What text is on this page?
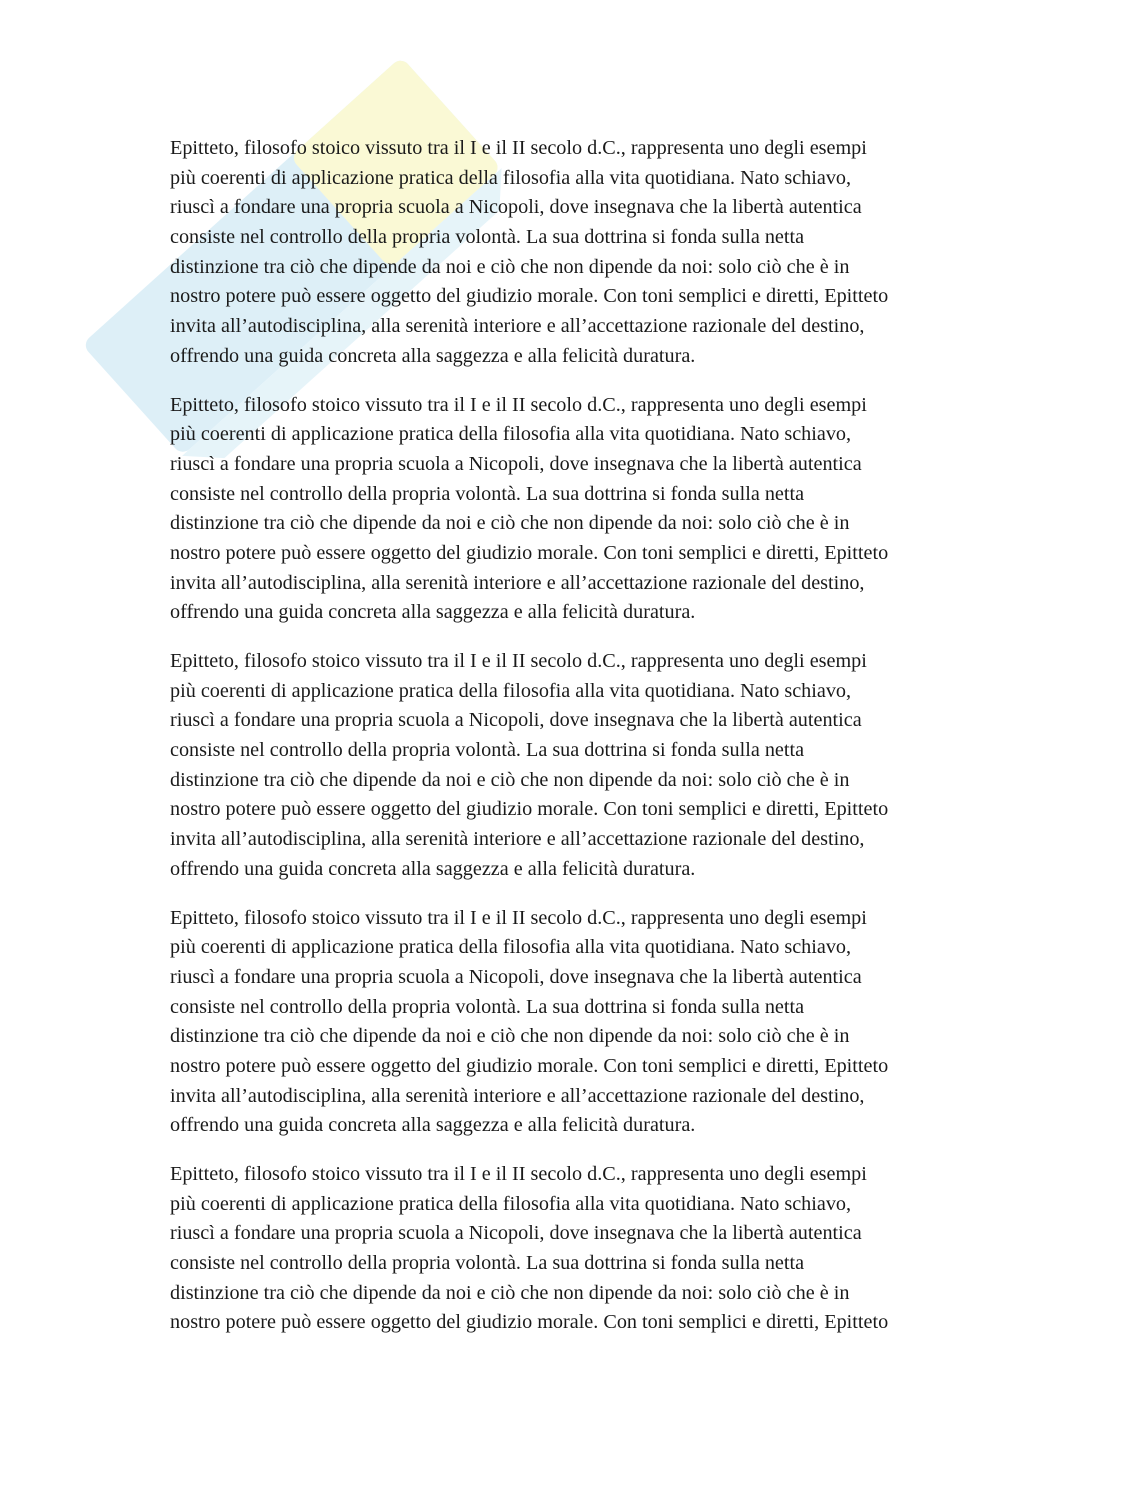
Epitteto, filosofo stoico vissuto tra il I e il II secolo d.C., rappresenta uno degli esempi
più coerenti di applicazione pratica della filosofia alla vita quotidiana. Nato schiavo,
riuscì a fondare una propria scuola a Nicopoli, dove insegnava che la libertà autentica
consiste nel controllo della propria volontà. La sua dottrina si fonda sulla netta
distinzione tra ciò che dipende da noi e ciò che non dipende da noi: solo ciò che è in
nostro potere può essere oggetto del giudizio morale. Con toni semplici e diretti, Epitteto
invita all’autodisciplina, alla serenità interiore e all’accettazione razionale del destino,
offrendo una guida concreta alla saggezza e alla felicità duratura.
Epitteto, filosofo stoico vissuto tra il I e il II secolo d.C., rappresenta uno degli esempi
più coerenti di applicazione pratica della filosofia alla vita quotidiana. Nato schiavo,
riuscì a fondare una propria scuola a Nicopoli, dove insegnava che la libertà autentica
consiste nel controllo della propria volontà. La sua dottrina si fonda sulla netta
distinzione tra ciò che dipende da noi e ciò che non dipende da noi: solo ciò che è in
nostro potere può essere oggetto del giudizio morale. Con toni semplici e diretti, Epitteto
invita all’autodisciplina, alla serenità interiore e all’accettazione razionale del destino,
offrendo una guida concreta alla saggezza e alla felicità duratura.
Epitteto, filosofo stoico vissuto tra il I e il II secolo d.C., rappresenta uno degli esempi
più coerenti di applicazione pratica della filosofia alla vita quotidiana. Nato schiavo,
riuscì a fondare una propria scuola a Nicopoli, dove insegnava che la libertà autentica
consiste nel controllo della propria volontà. La sua dottrina si fonda sulla netta
distinzione tra ciò che dipende da noi e ciò che non dipende da noi: solo ciò che è in
nostro potere può essere oggetto del giudizio morale. Con toni semplici e diretti, Epitteto
invita all’autodisciplina, alla serenità interiore e all’accettazione razionale del destino,
offrendo una guida concreta alla saggezza e alla felicità duratura.
Epitteto, filosofo stoico vissuto tra il I e il II secolo d.C., rappresenta uno degli esempi
più coerenti di applicazione pratica della filosofia alla vita quotidiana. Nato schiavo,
riuscì a fondare una propria scuola a Nicopoli, dove insegnava che la libertà autentica
consiste nel controllo della propria volontà. La sua dottrina si fonda sulla netta
distinzione tra ciò che dipende da noi e ciò che non dipende da noi: solo ciò che è in
nostro potere può essere oggetto del giudizio morale. Con toni semplici e diretti, Epitteto
invita all’autodisciplina, alla serenità interiore e all’accettazione razionale del destino,
offrendo una guida concreta alla saggezza e alla felicità duratura.
Epitteto, filosofo stoico vissuto tra il I e il II secolo d.C., rappresenta uno degli esempi
più coerenti di applicazione pratica della filosofia alla vita quotidiana. Nato schiavo,
riuscì a fondare una propria scuola a Nicopoli, dove insegnava che la libertà autentica
consiste nel controllo della propria volontà. La sua dottrina si fonda sulla netta
distinzione tra ciò che dipende da noi e ciò che non dipende da noi: solo ciò che è in
nostro potere può essere oggetto del giudizio morale. Con toni semplici e diretti, Epitteto
